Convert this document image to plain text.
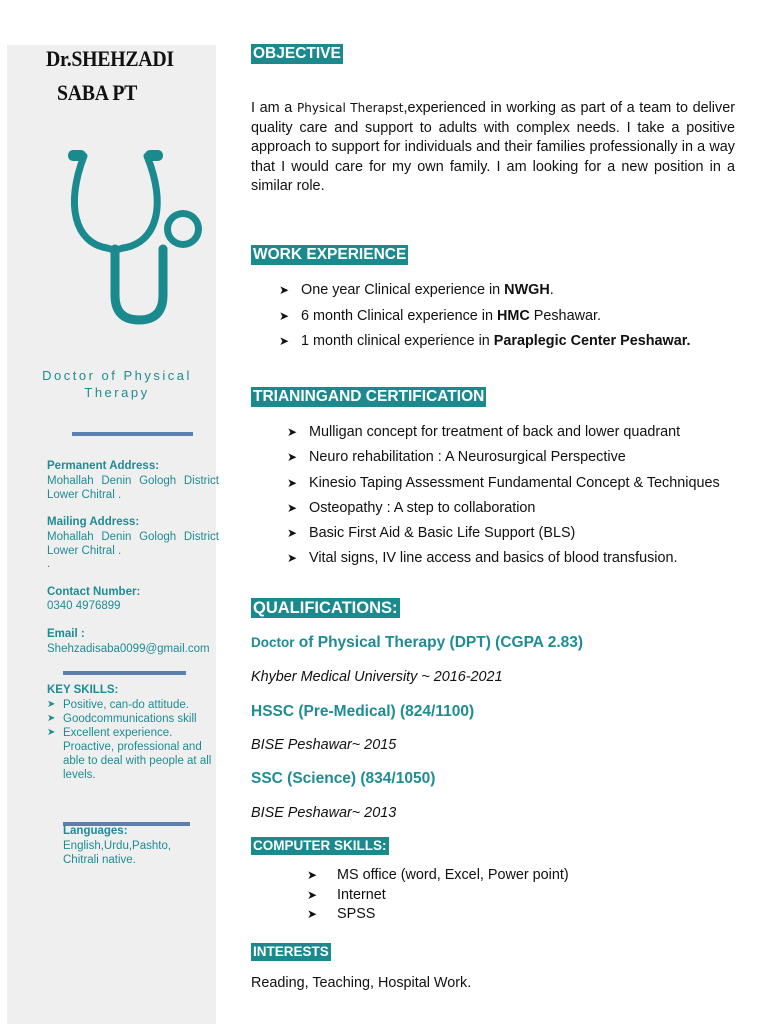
Dr.SHEHZADI
SABA PT
Doctor of Physical Therapy
Permanent Address:
Mohallah Denin Gologh District Lower Chitral .
Mailing Address:
Mohallah Denin Gologh District Lower Chitral .
.
Contact Number:
0340 4976899
Email :
Shehzadisaba0099@gmail.com
KEY SKILLS:
➤ Positive, can-do attitude.
➤ Goodcommunications skill
➤ Excellent experience. Proactive, professional and able to deal with people at all levels.
Languages:
English,Urdu,Pashto, Chitrali native.
OBJECTIVE
I am a Physical Therapst,experienced in working as part of a team to deliver quality care and support to adults with complex needs. I take a positive approach to support for individuals and their families professionally in a way that I would care for my own family. I am looking for a new position in a similar role.
WORK EXPERIENCE
➤ One year Clinical experience in NWGH.
➤ 6 month Clinical experience in HMC Peshawar.
➤ 1 month clinical experience in Paraplegic Center Peshawar.
TRIANINGAND CERTIFICATION
➤ Mulligan concept for treatment of back and lower quadrant
➤ Neuro rehabilitation : A Neurosurgical Perspective
➤ Kinesio Taping Assessment Fundamental Concept & Techniques
➤ Osteopathy : A step to collaboration
➤ Basic First Aid & Basic Life Support (BLS)
➤ Vital signs, IV line access and basics of blood transfusion.
QUALIFICATIONS:
Doctor of Physical Therapy (DPT) (CGPA 2.83)
Khyber Medical University ~ 2016-2021
HSSC (Pre-Medical) (824/1100)
BISE Peshawar~ 2015
SSC (Science) (834/1050)
BISE Peshawar~ 2013
COMPUTER SKILLS:
➤ MS office (word, Excel, Power point)
➤ Internet
➤ SPSS
INTERESTS
Reading, Teaching, Hospital Work.
